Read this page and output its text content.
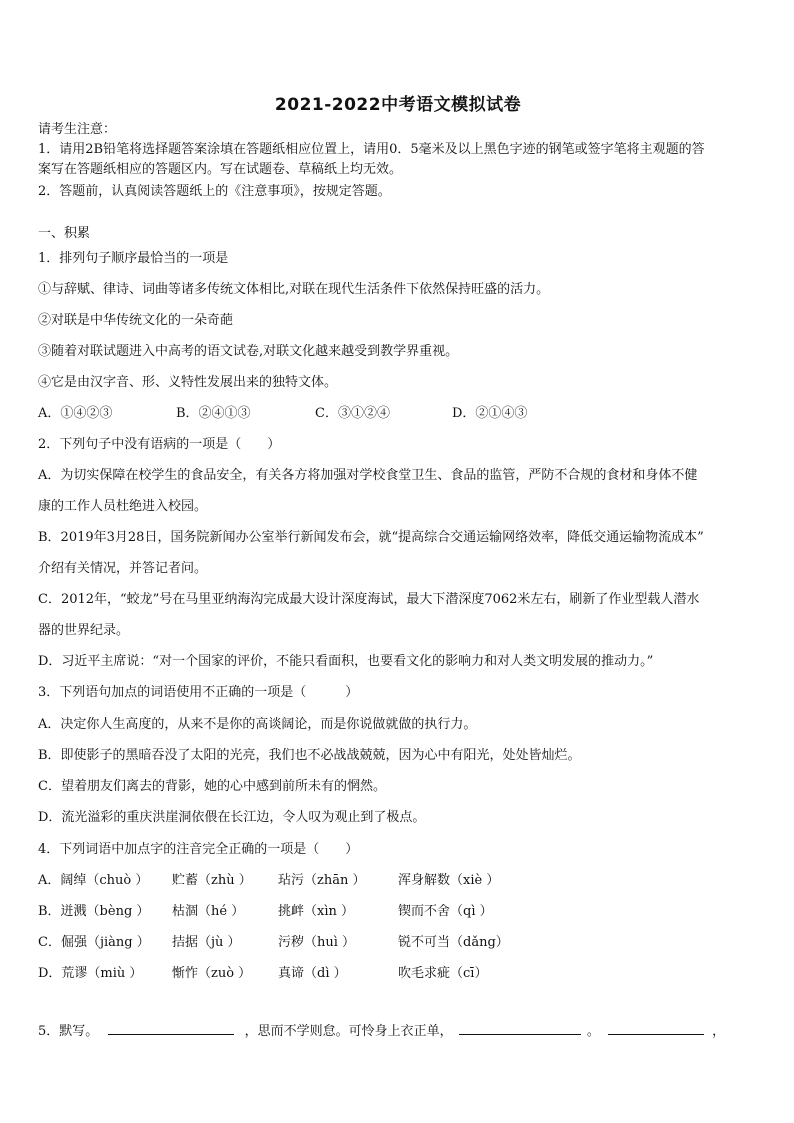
2021-2022中考语文模拟试卷
请考生注意：
1．请用2B铅笔将选择题答案涂填在答题纸相应位置上，请用0．5毫米及以上黑色字迹的钢笔或签字笔将主观题的答
案写在答题纸相应的答题区内。写在试题卷、草稿纸上均无效。
2．答题前，认真阅读答题纸上的《注意事项》，按规定答题。
一、积累
1．排列句子顺序最恰当的一项是
①与辞赋、律诗、词曲等诸多传统文体相比,对联在现代生活条件下依然保持旺盛的活力。
②对联是中华传统文化的一朵奇葩
③随着对联试题进入中高考的语文试卷,对联文化越来越受到教学界重视。
④它是由汉字音、形、义特性发展出来的独特文体。
A．①④②③	B．②④①③	C．③①②④	D．②①④③
2．下列句子中没有语病的一项是（　　）
A．为切实保障在校学生的食品安全，有关各方将加强对学校食堂卫生、食品的监管，严防不合规的食材和身体不健
康的工作人员杜绝进入校园。
B．2019年3月28日，国务院新闻办公室举行新闻发布会，就“提高综合交通运输网络效率，降低交通运输物流成本”
介绍有关情况，并答记者问。
C．2012年，“蛟龙”号在马里亚纳海沟完成最大设计深度海试，最大下潜深度7062米左右，刷新了作业型载人潜水
器的世界纪录。
D．习近平主席说：“对一个国家的评价，不能只看面积，也要看文化的影响力和对人类文明发展的推动力。”
3．下列语句加点的词语使用不正确的一项是（　　　）
A．决定你人生高度的，从来不是你的高谈阔论，而是你说做就做的执行力。
B．即使影子的黑暗吞没了太阳的光亮，我们也不必战战兢兢，因为心中有阳光，处处皆灿烂。
C．望着朋友们离去的背影，她的心中感到前所未有的惘然。
D．流光溢彩的重庆洪崖洞依偎在长江边，令人叹为观止到了极点。
4．下列词语中加点字的注音完全正确的一项是（　　）
A．阔绰（chuò ） 贮蓄（zhù ） 玷污（zhān ）	浑身解数（xiè ）
B．迸溅（bèng ） 枯涸（hé ）	挑衅（xìn ）	锲而不舍（qì ）
C．倔强（jiàng ） 拮据（jù ）	污秽（huì ）	锐不可当（dǎng）
D．荒谬（miù ） 惭怍（zuò ） 真谛（dì ）	吹毛求疵（cī）
5．默写。	，思而不学则怠。可怜身上衣正单，	。	，
